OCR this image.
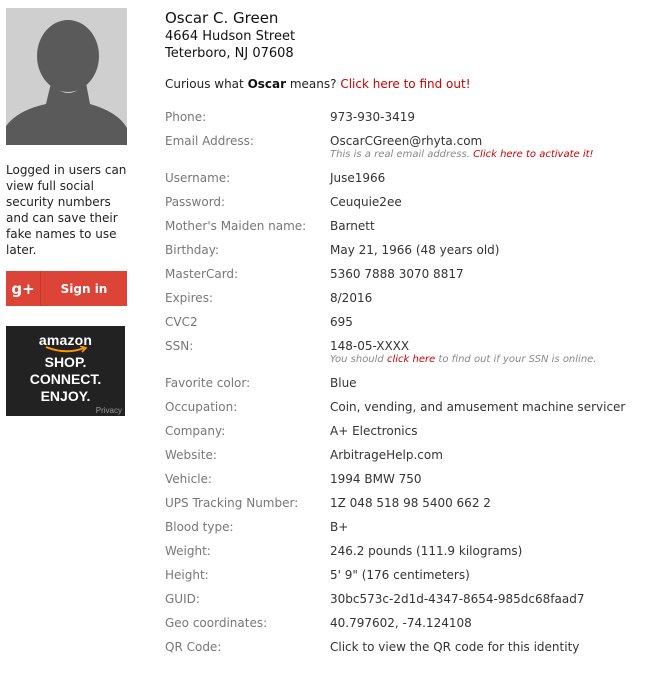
Logged in users can view full social security numbers and can save their fake names to use later.
g+	Sign in
amazon
SHOP.
CONNECT.
ENJOY.
Privacy
Oscar C. Green
4664 Hudson Street
Teterboro, NJ 07608
Curious what Oscar means? Click here to find out!
Phone:	973-930-3419
Email Address:	OscarCGreen@rhyta.com
This is a real email address. Click here to activate it!
Username:	Juse1966
Password:	Ceuquie2ee
Mother's Maiden name: Barnett
Birthday:	May 21, 1966 (48 years old)
MasterCard:	5360 7888 3070 8817
Expires:	8/2016
CVC2	695
SSN:	148-05-XXXX
You should click here to find out if your SSN is online.
Favorite color:	Blue
Occupation:	Coin, vending, and amusement machine servicer
Company:	A+ Electronics
Website:	ArbitrageHelp.com
Vehicle:	1994 BMW 750
UPS Tracking Number:	1Z 048 518 98 5400 662 2
Blood type:	B+
Weight:	246.2 pounds (111.9 kilograms)
Height:	5' 9" (176 centimeters)
GUID:	30bc573c-2d1d-4347-8654-985dc68faad7
Geo coordinates:	40.797602, -74.124108
QR Code:	Click to view the QR code for this identity
